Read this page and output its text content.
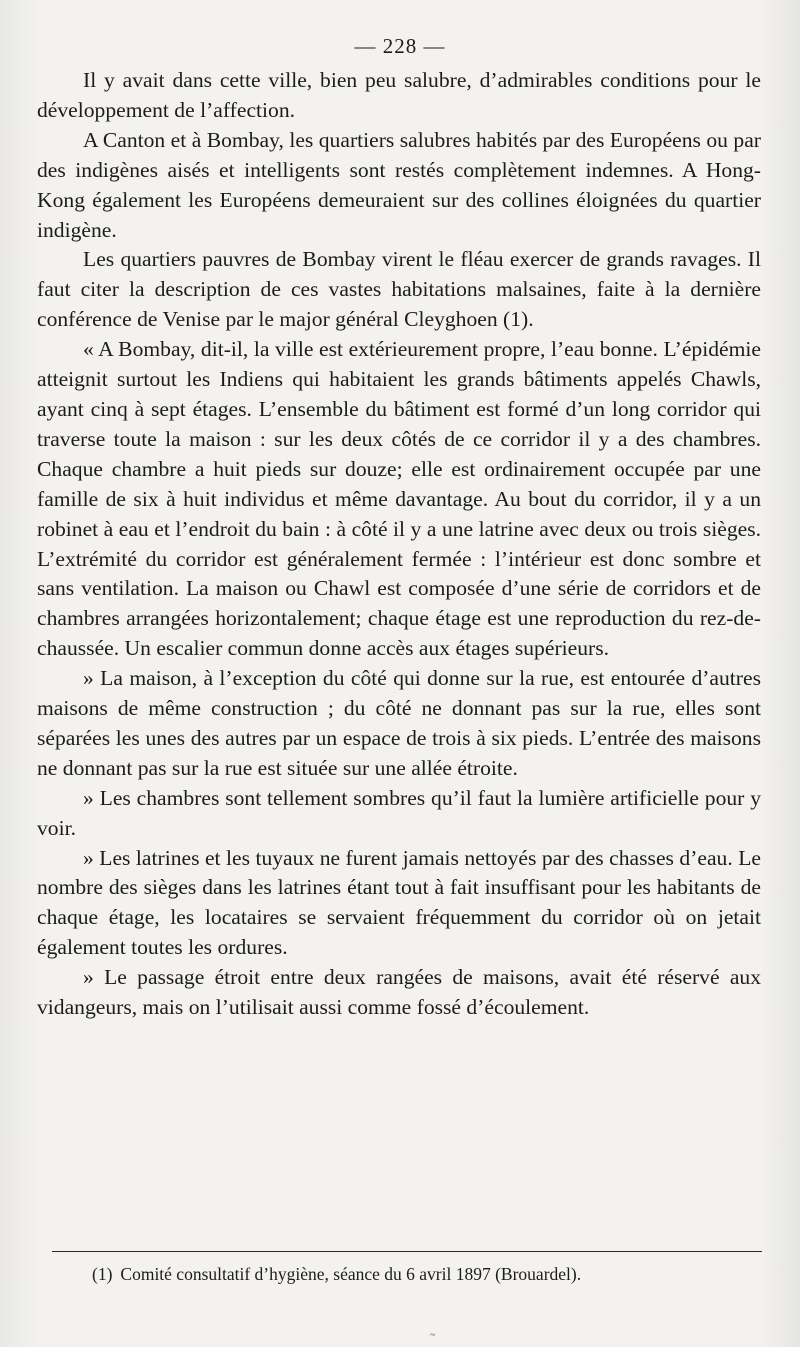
— 228 —

Il y avait dans cette ville, bien peu salubre, d’admirables conditions pour le développement de l’affection.

A Canton et à Bombay, les quartiers salubres habités par des Européens ou par des indigènes aisés et intelligents sont restés complètement indemnes. A Hong-Kong également les Européens demeuraient sur des collines éloignées du quartier indigène.

Les quartiers pauvres de Bombay virent le fléau exercer de grands ravages. Il faut citer la description de ces vastes habitations malsaines, faite à la dernière conférence de Venise par le major général Cleyghoen (1).

« A Bombay, dit-il, la ville est extérieurement propre, l’eau bonne. L’épidémie atteignit surtout les Indiens qui habitaient les grands bâtiments appelés Chawls, ayant cinq à sept étages. L’ensemble du bâtiment est formé d’un long corridor qui traverse toute la maison : sur les deux côtés de ce corridor il y a des chambres. Chaque chambre a huit pieds sur douze; elle est ordinairement occupée par une famille de six à huit individus et même davantage. Au bout du corridor, il y a un robinet à eau et l’endroit du bain : à côté il y a une latrine avec deux ou trois sièges. L’extrémité du corridor est généralement fermée : l’intérieur est donc sombre et sans ventilation. La maison ou Chawl est composée d’une série de corridors et de chambres arrangées horizontalement; chaque étage est une reproduction du rez-de-chaussée. Un escalier commun donne accès aux étages supérieurs.

» La maison, à l’exception du côté qui donne sur la rue, est entourée d’autres maisons de même construction ; du côté ne donnant pas sur la rue, elles sont séparées les unes des autres par un espace de trois à six pieds. L’entrée des maisons ne donnant pas sur la rue est située sur une allée étroite.

» Les chambres sont tellement sombres qu’il faut la lumière artificielle pour y voir.

» Les latrines et les tuyaux ne furent jamais nettoyés par des chasses d’eau. Le nombre des sièges dans les latrines étant tout à fait insuffisant pour les habitants de chaque étage, les locataires se servaient fréquemment du corridor où on jetait également toutes les ordures.

» Le passage étroit entre deux rangées de maisons, avait été réservé aux vidangeurs, mais on l’utilisait aussi comme fossé d’écoulement.

(1) Comité consultatif d’hygiène, séance du 6 avril 1897 (Brouardel).
~
